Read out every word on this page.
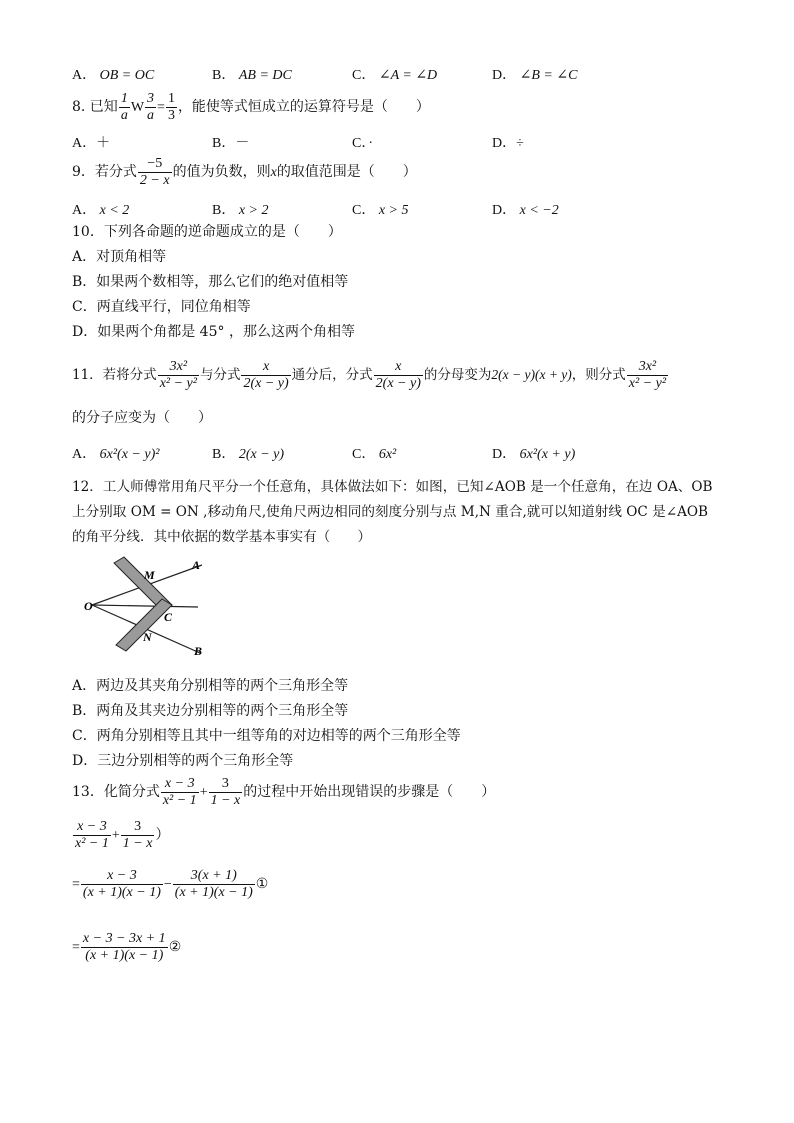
A． OB = OC	B． AB = DC	C． ∠A = ∠D	D． ∠B = ∠C
8. 已知 $\frac{1}{a}$ W $\frac{3}{a} = \frac{1}{3}$ ，能使等式恒成立的运算符号是（　　）
A．＋	B．－	C．·	D．÷
9．若分式 $\frac{-5}{2 - x}$ 的值为负数，则x的取值范围是（　　）
A． x < 2	B． x > 2	C． x > 5	D． x < −2
10．下列各命题的逆命题成立的是（　　）
A．对顶角相等
B．如果两个数相等，那么它们的绝对值相等
C．两直线平行，同位角相等
D．如果两个角都是 45° ，那么这两个角相等
11．若将分式 $\frac{\text{3x²}}{\text{x² − y²}}$ 与分式 $\frac{x}{2(x - y)}$ 通分后，分式 $\frac{x}{2(x - y)}$ 的分母变为2(x − y)(x + y)，则分式 $\frac{\text{3x²}}{\text{x² − y²}}$
的分子应变为（　　）
A． 6x²(x − y)²	B． 2(x − y)	C． 6x²	D． 6x²(x + y)
12．工人师傅常用角尺平分一个任意角，具体做法如下：如图，已知∠AOB 是一个任意角，在边 OA、OB
上分别取 OM = ON ,移动角尺,使角尺两边相同的刻度分别与点 M,N 重合,就可以知道射线 OC 是∠AOB
的角平分线．其中依据的数学基本事实有（　　）
M
A
O
C
N
B
A．两边及其夹角分别相等的两个三角形全等
B．两角及其夹边分别相等的两个三角形全等
C．两角分别相等且其中一组等角的对边相等的两个三角形全等
D．三边分别相等的两个三角形全等
13．化简分式 $\frac{x - 3}{\text{x² − 1}} + \frac{3}{1 - x}$ 的过程中开始出现错误的步骤是（　　）
$\frac{x - 3}{\text{x² − 1}} + \frac{3}{1 - x}$ ）
= $\frac{x - 3}{(x + 1)(x - 1)} - \frac{3(x + 1)}{(x + 1)(x - 1)}$ ①
= $\frac{x - 3 - 3x + 1}{(x + 1)(x - 1)}$ ②
